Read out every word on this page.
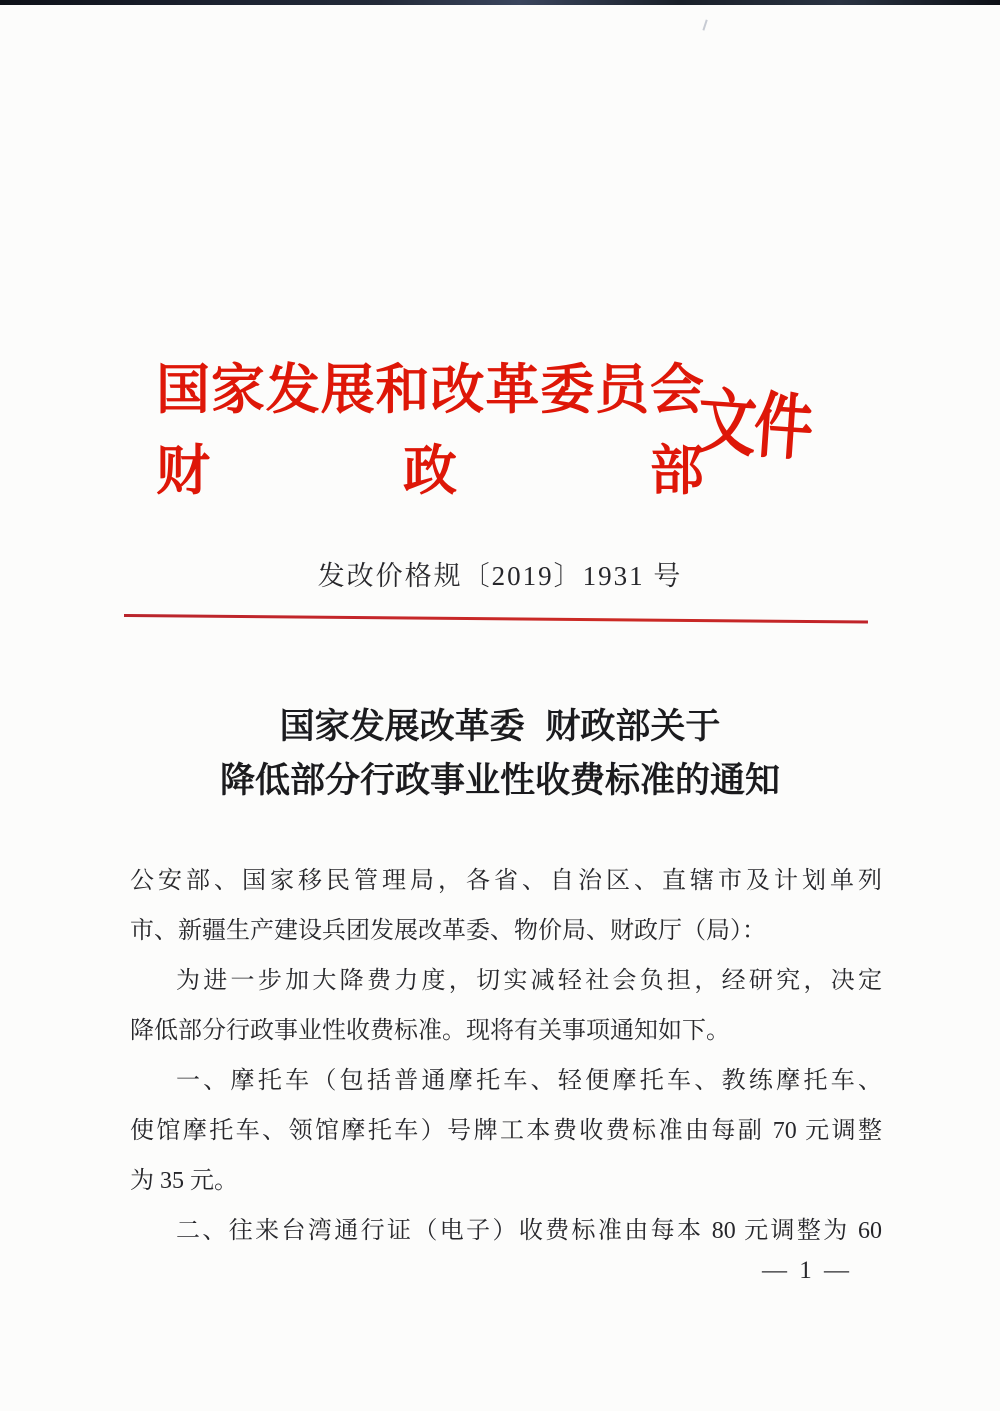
国家发展和改革委员会
财	政	部
文件
发改价格规〔2019〕1931 号
国家发展改革委 财政部关于
降低部分行政事业性收费标准的通知
公安部、国家移民管理局，各省、自治区、直辖市及计划单列
市、新疆生产建设兵团发展改革委、物价局、财政厅（局）：
为进一步加大降费力度，切实减轻社会负担，经研究，决定
降低部分行政事业性收费标准。现将有关事项通知如下。
一、摩托车（包括普通摩托车、轻便摩托车、教练摩托车、
使馆摩托车、领馆摩托车）号牌工本费收费标准由每副 70 元调整
为 35 元。
二、往来台湾通行证（电子）收费标准由每本 80 元调整为 60
— 1 —
